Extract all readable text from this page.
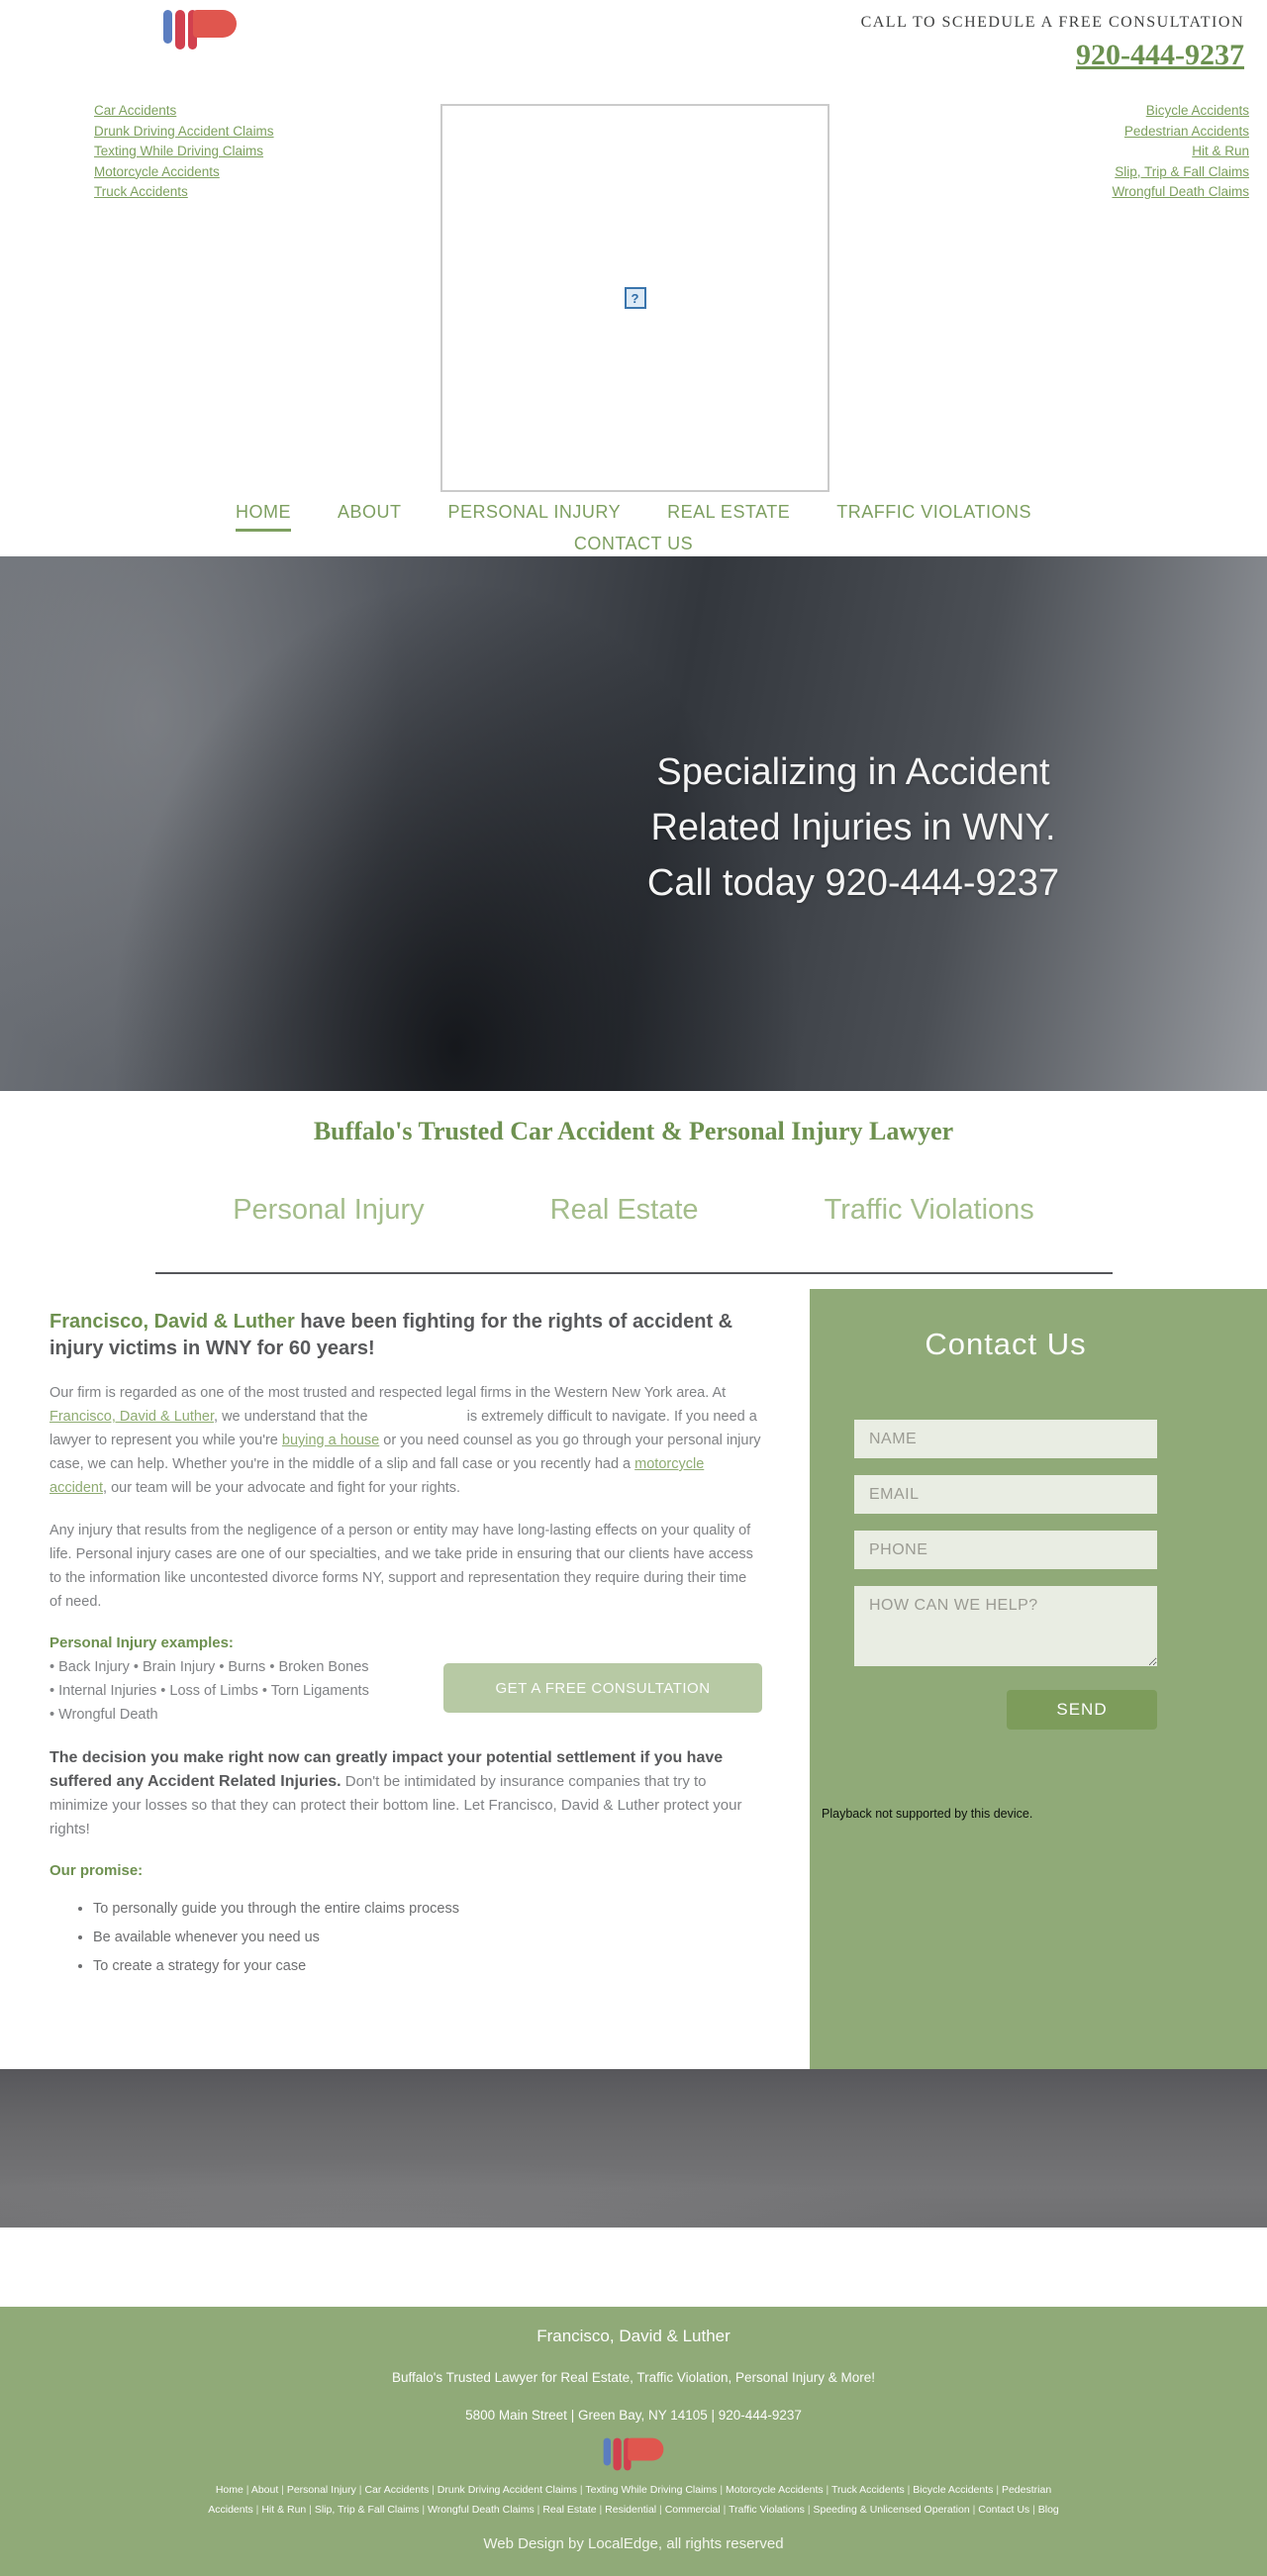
CALL TO SCHEDULE A FREE CONSULTATION
920-444-9237
Car Accidents
Drunk Driving Accident Claims
Texting While Driving Claims
Motorcycle Accidents
Truck Accidents
Bicycle Accidents
Pedestrian Accidents
Hit & Run
Slip, Trip & Fall Claims
Wrongful Death Claims
?
HOME	ABOUT	PERSONAL INJURY	REAL ESTATE	TRAFFIC VIOLATIONS
CONTACT US
Specializing in Accident
Related Injuries in WNY.
Call today 920-444-9237
Buffalo's Trusted Car Accident & Personal Injury Lawyer
Personal Injury	Real Estate	Traffic Violations
Francisco, David & Luther have been fighting for the rights of accident & injury victims in WNY for 60 years!

Our firm is regarded as one of the most trusted and respected legal firms in the Western New York area. At Francisco, David & Luther, we understand that the	is extremely difficult to navigate. If you need a lawyer to represent you while you're buying a house or you need counsel as you go through your personal injury case, we can help. Whether you're in the middle of a slip and fall case or you recently had a motorcycle accident, our team will be your advocate and fight for your rights.

Any injury that results from the negligence of a person or entity may have long-lasting effects on your quality of life. Personal injury cases are one of our specialties, and we take pride in ensuring that our clients have access to the information like uncontested divorce forms NY, support and representation they require during their time of need.

Personal Injury examples:
• Back Injury • Brain Injury • Burns • Broken Bones
• Internal Injuries • Loss of Limbs • Torn Ligaments
• Wrongful Death
GET A FREE CONSULTATION

The decision you make right now can greatly impact your potential settlement if you have suffered any Accident Related Injuries. Don't be intimidated by insurance companies that try to minimize your losses so that they can protect their bottom line. Let Francisco, David & Luther protect your rights!

Our promise:
• To personally guide you through the entire claims process
• Be available whenever you need us
• To create a strategy for your case
Contact Us
NAME
EMAIL
PHONE
HOW CAN WE HELP?
SEND
Playback not supported by this device.
Francisco, David & Luther
Buffalo's Trusted Lawyer for Real Estate, Traffic Violation, Personal Injury & More!
5800 Main Street | Green Bay, NY 14105 | 920-444-9237
Home | About | Personal Injury | Car Accidents | Drunk Driving Accident Claims | Texting While Driving Claims | Motorcycle Accidents | Truck Accidents | Bicycle Accidents | Pedestrian Accidents | Hit & Run | Slip, Trip & Fall Claims | Wrongful Death Claims | Real Estate | Residential | Commercial | Traffic Violations | Speeding & Unlicensed Operation | Contact Us | Blog
Web Design by LocalEdge, all rights reserved
